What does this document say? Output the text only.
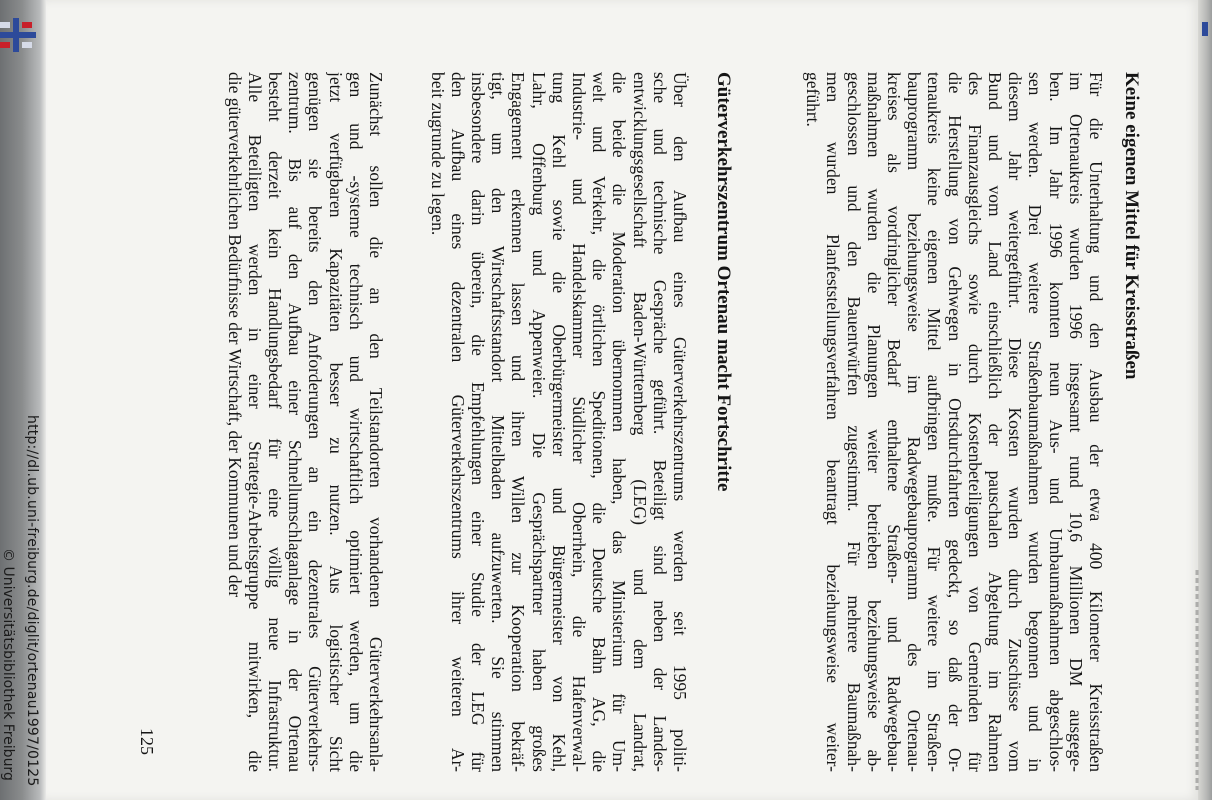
http://dl.ub.uni-freiburg.de/diglit/ortenau1997/0125
© Universitätsbibliothek Freiburg
Keine eigenen Mittel für Kreisstraßen
Für die Unterhaltung und den Ausbau der etwa 400 Kilometer Kreisstraßen
im Ortenaukreis wurden 1996 insgesamt rund 10,6 Millionen DM ausgege-
ben. Im Jahr 1996 konnten neun Aus- und Umbaumaßnahmen abgeschlos-
sen werden. Drei weitere Straßenbaumaßnahmen wurden begonnen und in
diesem Jahr weitergeführt. Diese Kosten wurden durch Zuschüsse vom
Bund und vom Land einschließlich der pauschalen Abgeltung im Rahmen
des Finanzausgleichs sowie durch Kostenbeteiligungen von Gemeinden für
die Herstellung von Gehwegen in Ortsdurchfahrten gedeckt, so daß der Or-
tenaukreis keine eigenen Mittel aufbringen mußte. Für weitere im Straßen-
bauprogramm beziehungsweise im Radwegebauprogramm des Ortenau-
kreises als vordringlicher Bedarf enthaltene Straßen- und Radwegebau-
maßnahmen wurden die Planungen weiter betrieben beziehungsweise ab-
geschlossen und den Bauentwürfen zugestimmt. Für mehrere Baumaßnah-
men wurden Planfeststellungsverfahren beantragt beziehungsweise weiter-
geführt.
Güterverkehrszentrum Ortenau macht Fortschritte
Über den Aufbau eines Güterverkehrszentrums werden seit 1995 politi-
sche und technische Gespräche geführt. Beteiligt sind neben der Landes-
entwicklungsgesellschaft Baden-Württemberg (LEG) und dem Landrat,
die beide die Moderation übernommen haben, das Ministerium für Um-
welt und Verkehr, die örtlichen Speditionen, die Deutsche Bahn AG, die
Industrie- und Handelskammer Südlicher Oberrhein, die Hafenverwal-
tung Kehl sowie die Oberbürgermeister und Bürgermeister von Kehl,
Lahr, Offenburg und Appenweier. Die Gesprächspartner haben großes
Engagement erkennen lassen und ihren Willen zur Kooperation bekräf-
tigt, um den Wirtschaftsstandort Mittelbaden aufzuwerten. Sie stimmen
insbesondere darin überein, die Empfehlungen einer Studie der LEG für
den Aufbau eines dezentralen Güterverkehrszentrums ihrer weiteren Ar-
beit zugrunde zu legen.
Zunächst sollen die an den Teilstandorten vorhandenen Güterverkehrsanla-
gen und -systeme technisch und wirtschaftlich optimiert werden, um die
jetzt verfügbaren Kapazitäten besser zu nutzen. Aus logistischer Sicht
genügen sie bereits den Anforderungen an ein dezentrales Güterverkehrs-
zentrum. Bis auf den Aufbau einer Schnellumschlaganlage in der Ortenau
besteht derzeit kein Handlungsbedarf für eine völlig neue Infrastruktur.
Alle Beteiligten werden in einer Strategie-Arbeitsgruppe mitwirken, die
die güterverkehrlichen Bedürfnisse der Wirtschaft, der Kommunen und der
125
